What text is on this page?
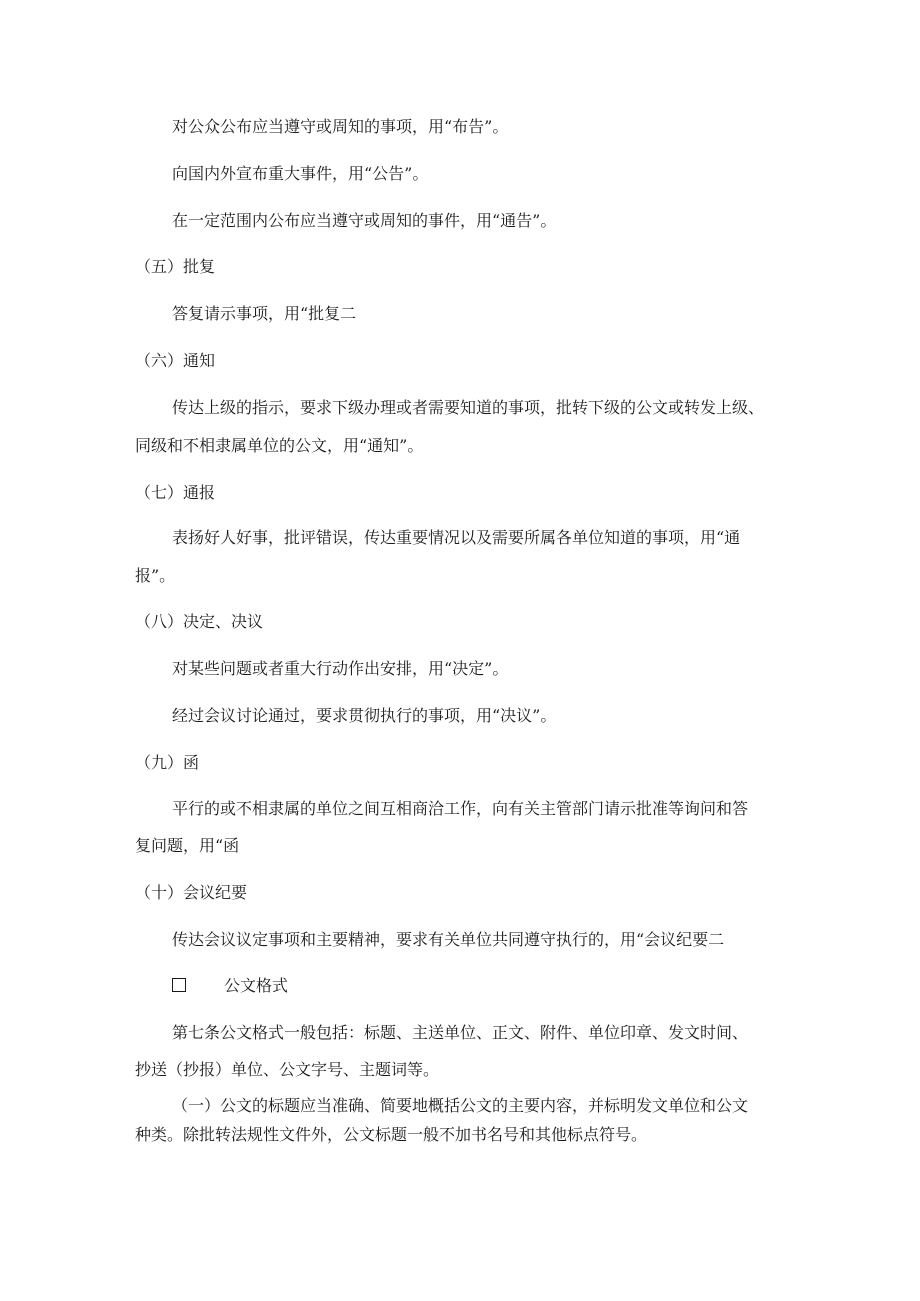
对公众公布应当遵守或周知的事项，用“布告”。

向国内外宣布重大事件，用“公告”。

在一定范围内公布应当遵守或周知的事件，用“通告”。

（五）批复

答复请示事项，用“批复二

（六）通知

传达上级的指示，要求下级办理或者需要知道的事项，批转下级的公文或转发上级、

同级和不相隶属单位的公文，用“通知”。

（七）通报

表扬好人好事，批评错误，传达重要情况以及需要所属各单位知道的事项，用“通

报”。

（八）决定、决议

对某些问题或者重大行动作出安排，用“决定”。

经过会议讨论通过，要求贯彻执行的事项，用“决议”。

（九）函

平行的或不相隶属的单位之间互相商洽工作，向有关主管部门请示批准等询问和答

复问题，用“函

（十）会议纪要

传达会议议定事项和主要精神，要求有关单位共同遵守执行的，用“会议纪要二

公文格式

第七条公文格式一般包括：标题、主送单位、正文、附件、单位印章、发文时间、

抄送（抄报）单位、公文字号、主题词等。

（一）公文的标题应当准确、简要地概括公文的主要内容，并标明发文单位和公文

种类。除批转法规性文件外，公文标题一般不加书名号和其他标点符号。
